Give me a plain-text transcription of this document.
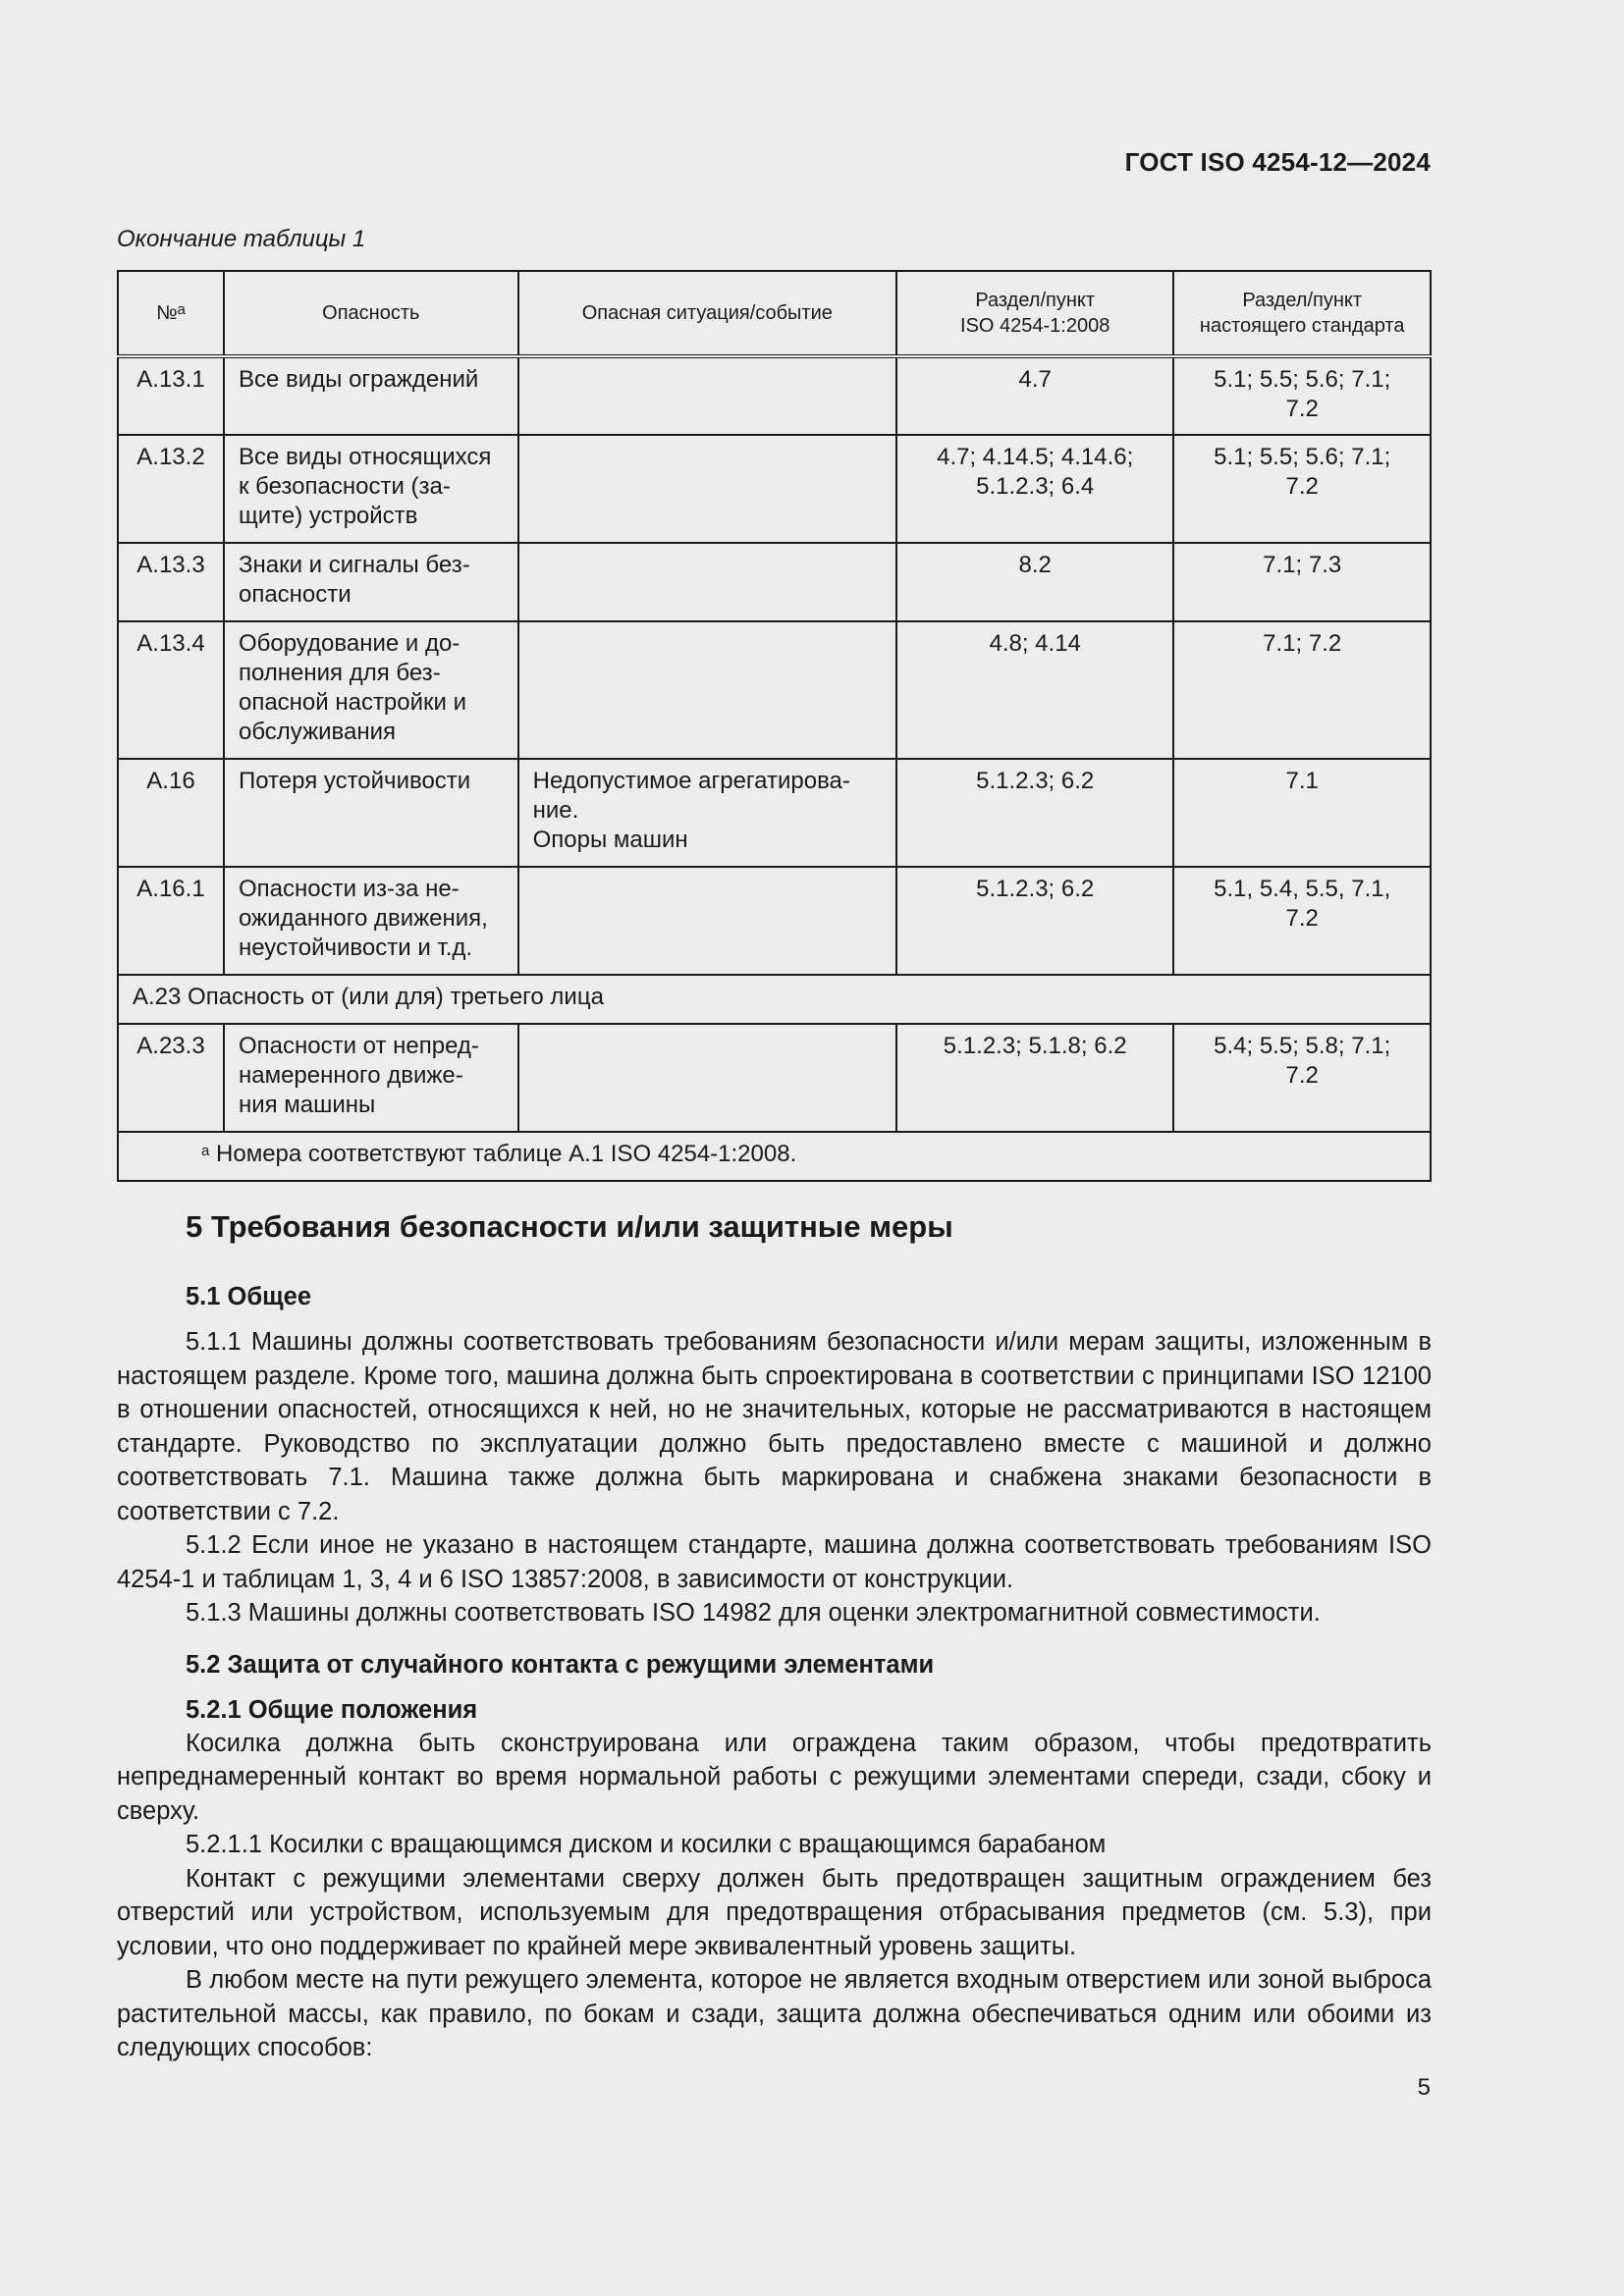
ГОСТ ISO 4254-12—2024
Окончание таблицы 1
№$^a$	Опасность	Опасная ситуация/событие	Раздел/пункт
ISO 4254-1:2008	Раздел/пункт
настоящего стандарта
А.13.1	Все виды ограждений		4.7	5.1; 5.5; 5.6; 7.1;
7.2
А.13.2	Все виды относящихся
к безопасности (за-
щите) устройств		4.7; 4.14.5; 4.14.6;
5.1.2.3; 6.4	5.1; 5.5; 5.6; 7.1;
7.2
А.13.3	Знаки и сигналы без-
опасности		8.2	7.1; 7.3
А.13.4	Оборудование и до-
полнения для без-
опасной настройки и
обслуживания		4.8; 4.14	7.1; 7.2
А.16	Потеря устойчивости	Недопустимое агрегатирова-
ние.
Опоры машин	5.1.2.3; 6.2	7.1
А.16.1	Опасности из-за не-
ожиданного движения,
неустойчивости и т.д.		5.1.2.3; 6.2	5.1, 5.4, 5.5, 7.1,
7.2
А.23 Опасность от (или для) третьего лица				
А.23.3	Опасности от непред-
намеренного движе-
ния машины		5.1.2.3; 5.1.8; 6.2	5.4; 5.5; 5.8; 7.1;
7.2
$^a$ Номера соответствуют таблице А.1 ISO 4254-1:2008.				
5 Требования безопасности и/или защитные меры
5.1 Общее

5.1.1 Машины должны соответствовать требованиям безопасности и/или мерам защиты, изложенным в настоящем разделе. Кроме того, машина должна быть спроектирована в соответствии с принципами ISO 12100 в отношении опасностей, относящихся к ней, но не значительных, которые не рассматриваются в настоящем стандарте. Руководство по эксплуатации должно быть предоставлено вместе с машиной и должно соответствовать 7.1. Машина также должна быть маркирована и снабжена знаками безопасности в соответствии с 7.2.

5.1.2 Если иное не указано в настоящем стандарте, машина должна соответствовать требованиям ISO 4254-1 и таблицам 1, 3, 4 и 6 ISO 13857:2008, в зависимости от конструкции.

5.1.3 Машины должны соответствовать ISO 14982 для оценки электромагнитной совместимости.

5.2 Защита от случайного контакта с режущими элементами
5.2.1 Общие положения

Косилка должна быть сконструирована или ограждена таким образом, чтобы предотвратить непреднамеренный контакт во время нормальной работы с режущими элементами спереди, сзади, сбоку и сверху.

5.2.1.1 Косилки с вращающимся диском и косилки с вращающимся барабаном

Контакт с режущими элементами сверху должен быть предотвращен защитным ограждением без отверстий или устройством, используемым для предотвращения отбрасывания предметов (см. 5.3), при условии, что оно поддерживает по крайней мере эквивалентный уровень защиты.

В любом месте на пути режущего элемента, которое не является входным отверстием или зоной выброса растительной массы, как правило, по бокам и сзади, защита должна обеспечиваться одним или обоими из следующих способов:

5
